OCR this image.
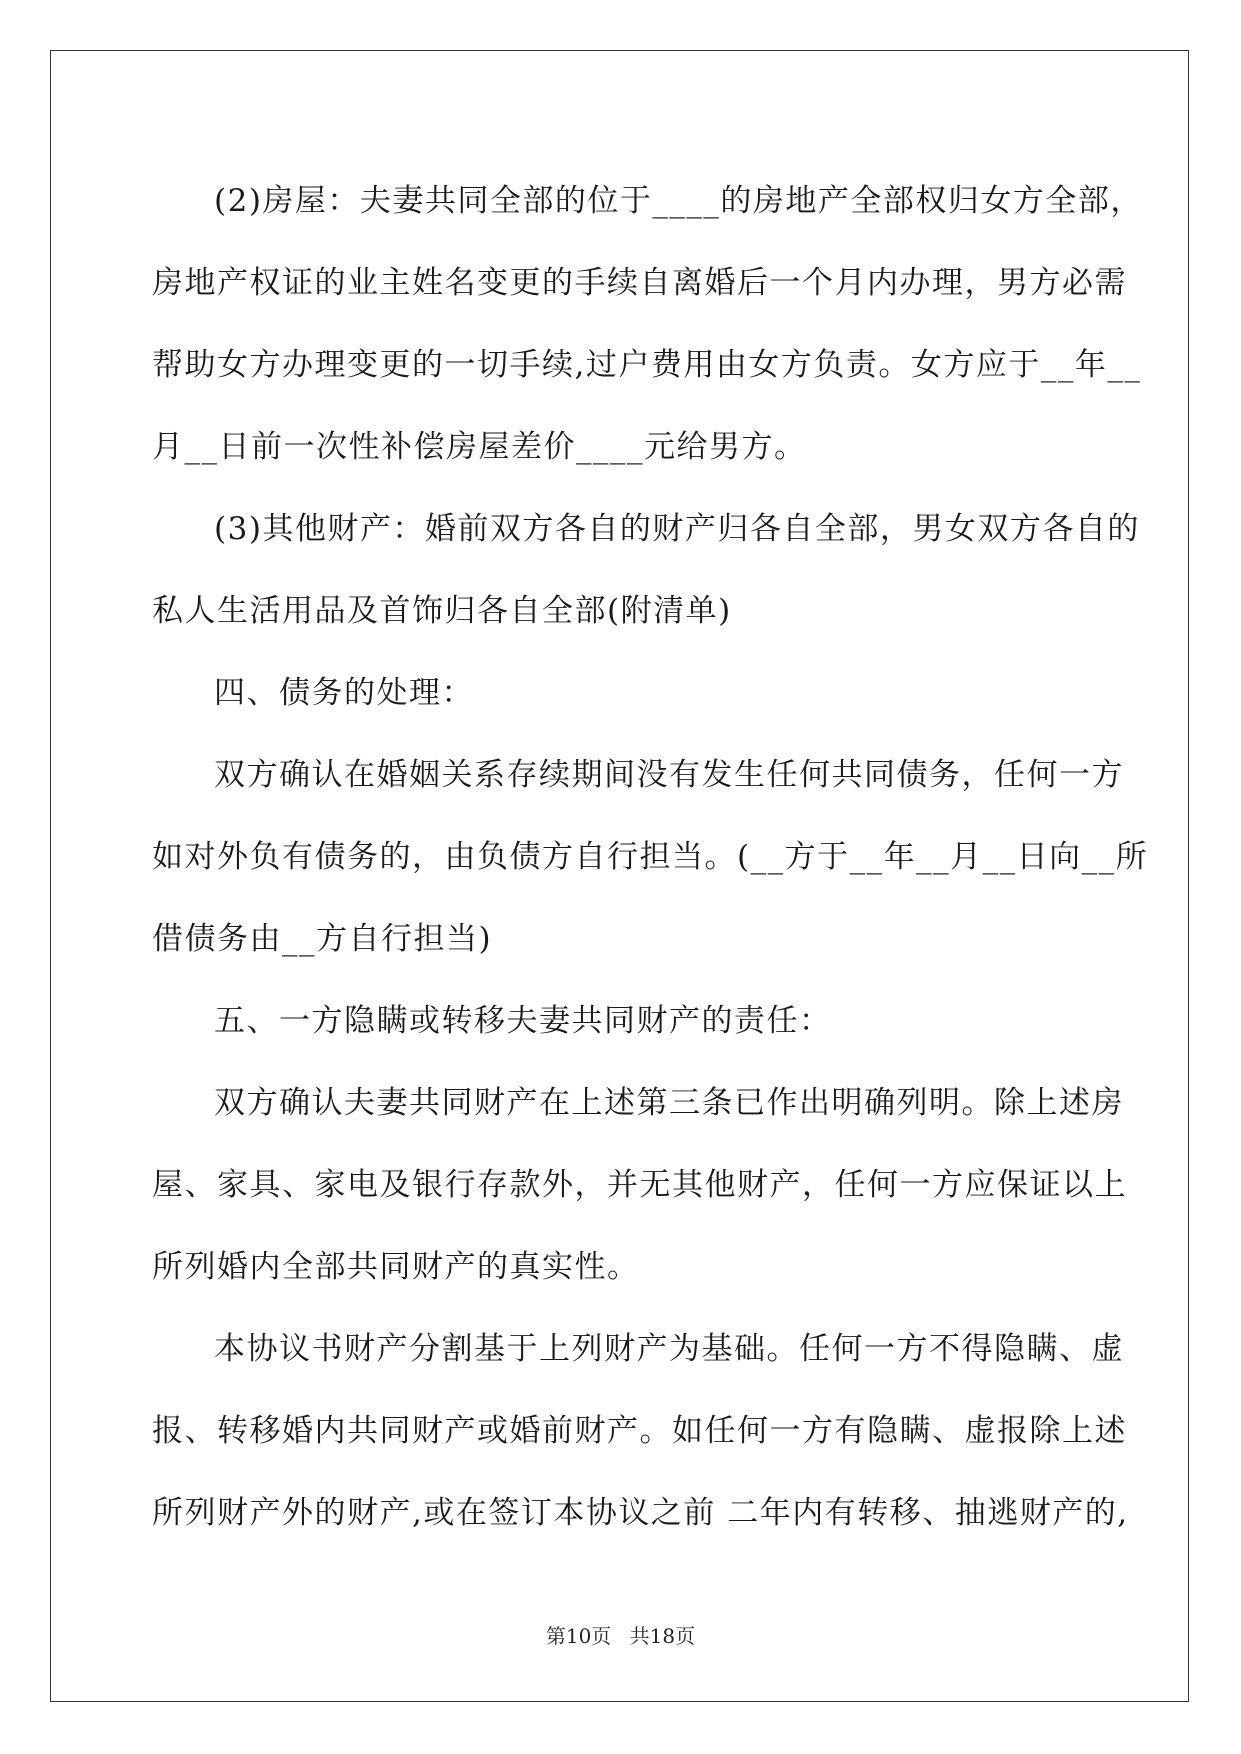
(2)房屋：夫妻共同全部的位于____的房地产全部权归女方全部，
房地产权证的业主姓名变更的手续自离婚后一个月内办理，男方必需
帮助女方办理变更的一切手续,过户费用由女方负责。女方应于__年__
月__日前一次性补偿房屋差价____元给男方。
(3)其他财产：婚前双方各自的财产归各自全部，男女双方各自的
私人生活用品及首饰归各自全部(附清单)
四、债务的处理：
双方确认在婚姻关系存续期间没有发生任何共同债务，任何一方
如对外负有债务的，由负债方自行担当。(__方于__年__月__日向__所
借债务由__方自行担当)
五、一方隐瞒或转移夫妻共同财产的责任：
双方确认夫妻共同财产在上述第三条已作出明确列明。除上述房
屋、家具、家电及银行存款外，并无其他财产，任何一方应保证以上
所列婚内全部共同财产的真实性。
本协议书财产分割基于上列财产为基础。任何一方不得隐瞒、虚
报、转移婚内共同财产或婚前财产。如任何一方有隐瞒、虚报除上述
所列财产外的财产,或在签订本协议之前 二年内有转移、抽逃财产的,
第10页 共18页
